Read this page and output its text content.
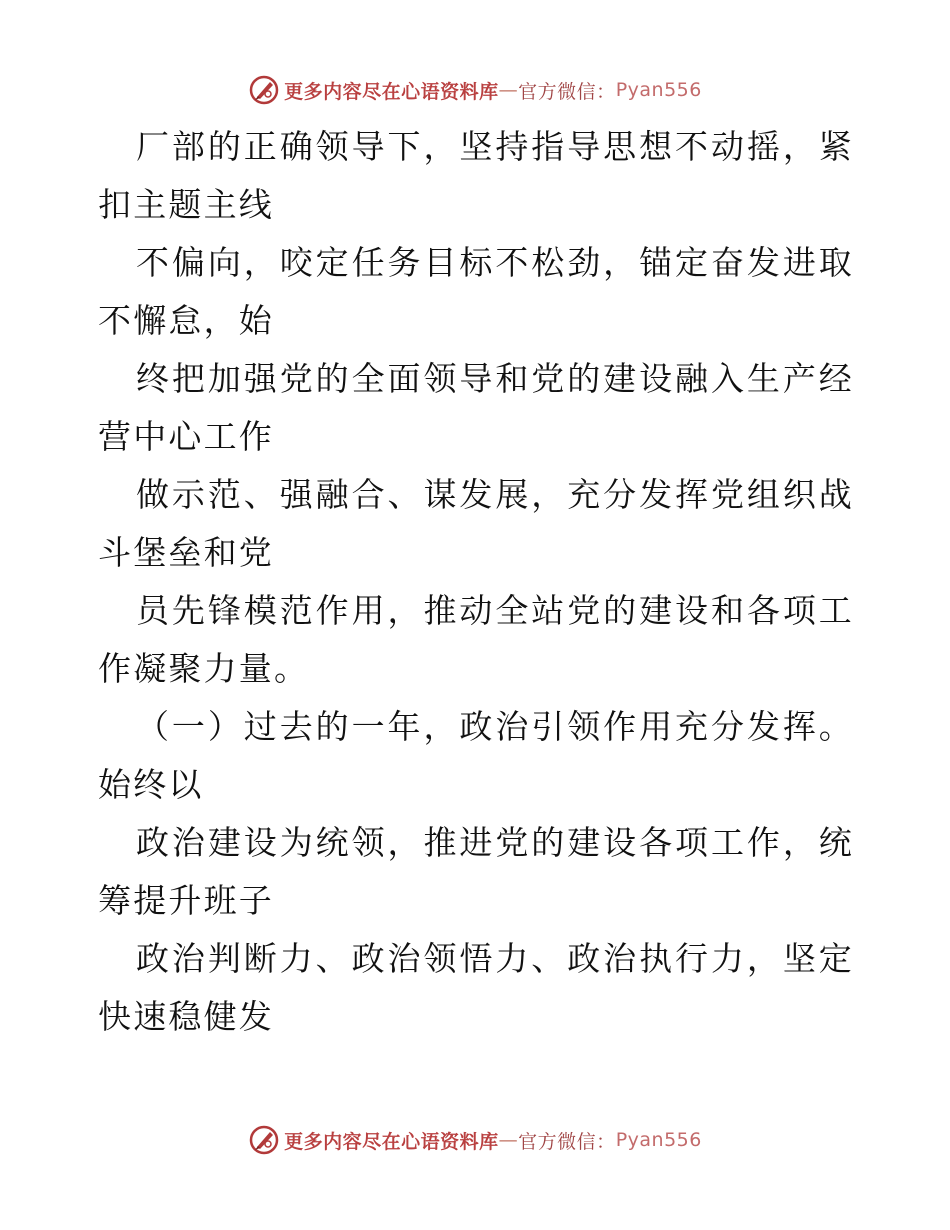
更多内容尽在心语资料库 — 官方微信： Pyan556

厂部的正确领导下，坚持指导思想不动摇，紧扣主题主线

不偏向，咬定任务目标不松劲，锚定奋发进取不懈怠，始

终把加强党的全面领导和党的建设融入生产经营中心工作

做示范、强融合、谋发展，充分发挥党组织战斗堡垒和党

员先锋模范作用，推动全站党的建设和各项工作凝聚力量。

（一）过去的一年，政治引领作用充分发挥。始终以

政治建设为统领，推进党的建设各项工作，统筹提升班子

政治判断力、政治领悟力、政治执行力，坚定快速稳健发

更多内容尽在心语资料库 — 官方微信： Pyan556
